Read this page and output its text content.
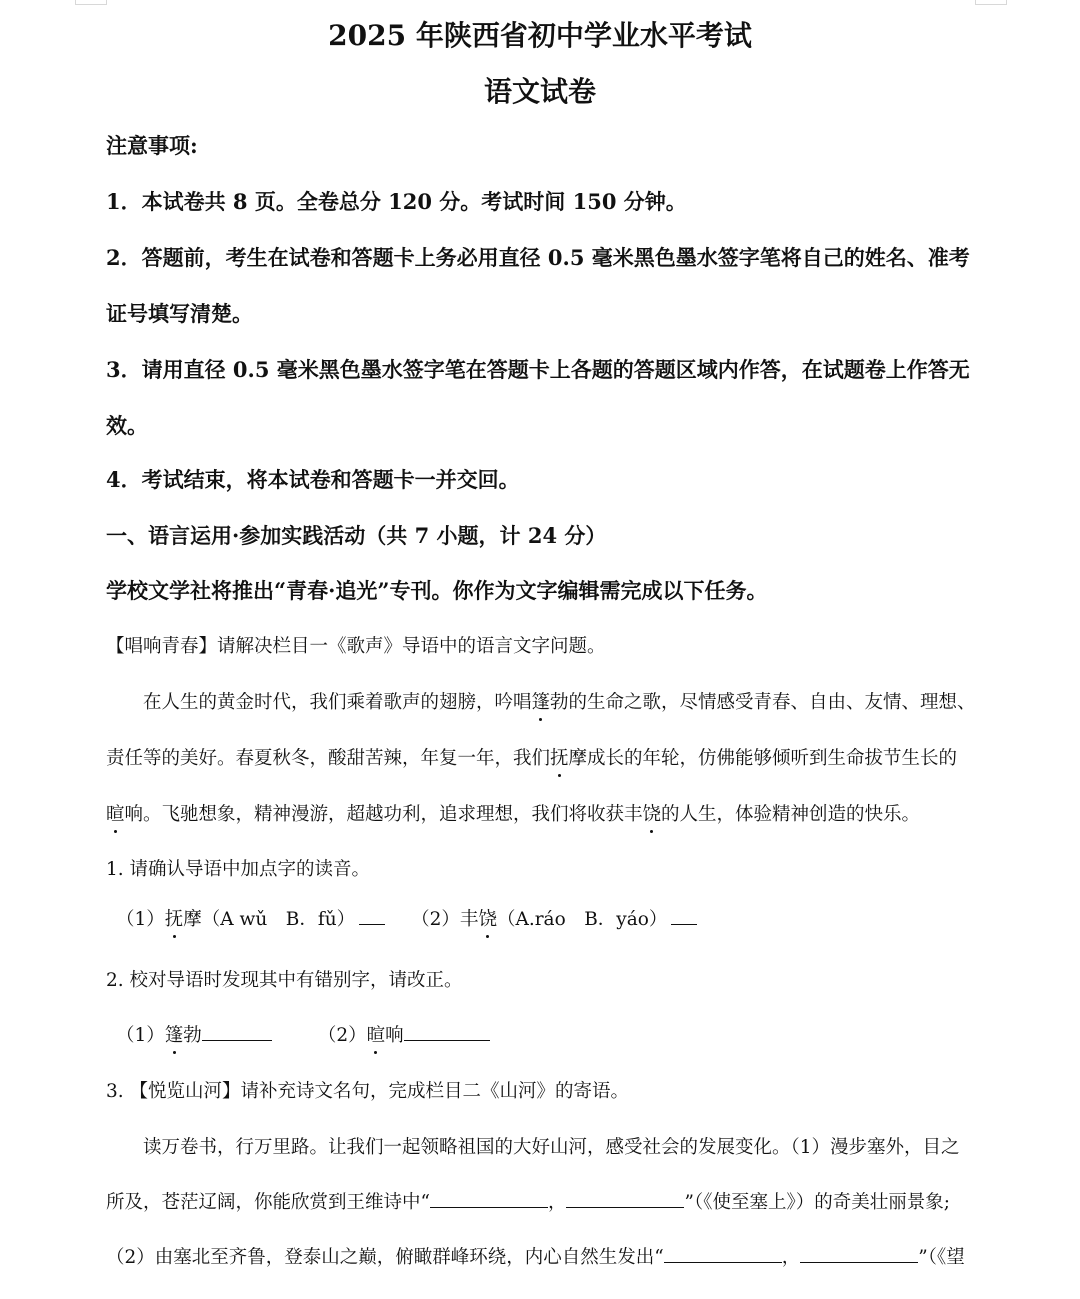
2025 年陕西省初中学业水平考试
语文试卷
注意事项:
1．本试卷共 8 页。全卷总分 120 分。考试时间 150 分钟。
2．答题前，考生在试卷和答题卡上务必用直径 0.5 毫米黑色墨水签字笔将自己的姓名、准考
证号填写清楚。
3．请用直径 0.5 毫米黑色墨水签字笔在答题卡上各题的答题区域内作答，在试题卷上作答无
效。
4．考试结束，将本试卷和答题卡一并交回。
一、语言运用·参加实践活动（共 7 小题，计 24 分）
学校文学社将推出“青春·追光”专刊。你作为文字编辑需完成以下任务。
【唱响青春】请解决栏目一《歌声》导语中的语言文字问题。
在人生的黄金时代，我们乘着歌声的翅膀，吟唱篷勃的生命之歌，尽情感受青春、自由、友情、理想、
责任等的美好。春夏秋冬，酸甜苦辣，年复一年，我们抚摩成长的年轮，仿佛能够倾听到生命拔节生长的
暄响。飞驰想象，精神漫游，超越功利，追求理想，我们将收获丰饶的人生，体验精神创造的快乐。
1. 请确认导语中加点字的读音。
（1）抚摩（A wǔ　B．fǔ）	（2）丰饶（A.ráo　B．yáo）
2. 校对导语时发现其中有错别字，请改正。
（1）篷勃	（2）暄响
3. 【悦览山河】请补充诗文名句，完成栏目二《山河》的寄语。
读万卷书，行万里路。让我们一起领略祖国的大好山河，感受社会的发展变化。（1）漫步塞外，目之
所及，苍茫辽阔，你能欣赏到王维诗中“	，	”（《使至塞上》）的奇美壮丽景象;
（2）由塞北至齐鲁，登泰山之巅，俯瞰群峰环绕，内心自然生发出“	，	”（《望
